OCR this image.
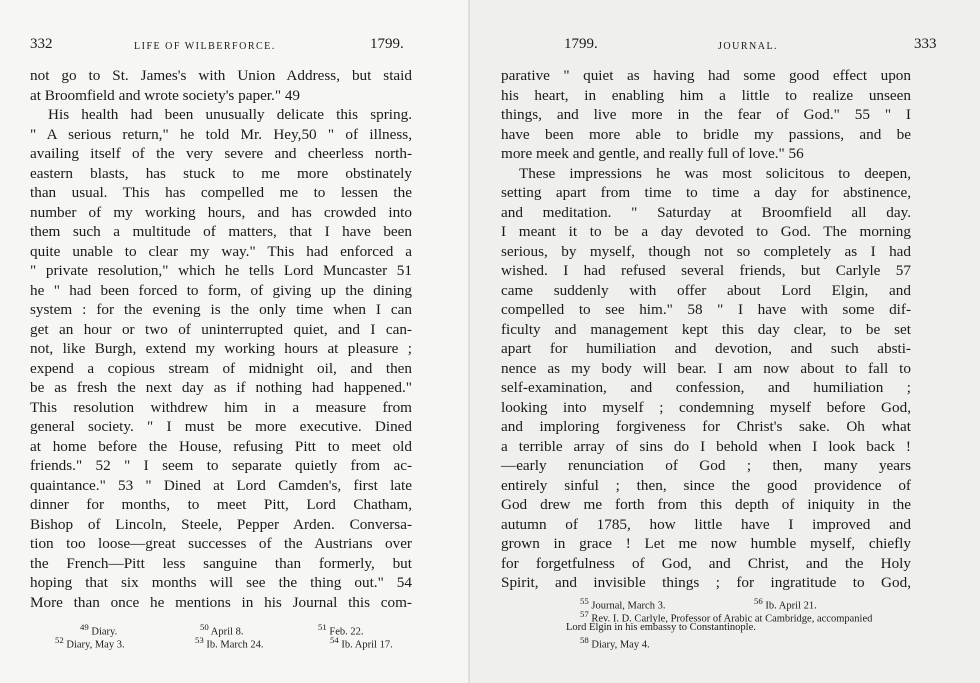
332	LIFE OF WILBERFORCE.	1799.
not go to St. James's with Union Address, but staid
at Broomfield and wrote society's paper." 49
His health had been unusually delicate this spring.
" A serious return," he told Mr. Hey,50 " of illness,
availing itself of the very severe and cheerless north-
eastern blasts, has stuck to me more obstinately
than usual. This has compelled me to lessen the
number of my working hours, and has crowded into
them such a multitude of matters, that I have been
quite unable to clear my way." This had enforced a
" private resolution," which he tells Lord Muncaster 51
he " had been forced to form, of giving up the dining
system : for the evening is the only time when I can
get an hour or two of uninterrupted quiet, and I can-
not, like Burgh, extend my working hours at pleasure ;
expend a copious stream of midnight oil, and then
be as fresh the next day as if nothing had happened."
This resolution withdrew him in a measure from
general society. " I must be more executive. Dined
at home before the House, refusing Pitt to meet old
friends." 52 " I seem to separate quietly from ac-
quaintance." 53 " Dined at Lord Camden's, first late
dinner for months, to meet Pitt, Lord Chatham,
Bishop of Lincoln, Steele, Pepper Arden. Conversa-
tion too loose—great successes of the Austrians over
the French—Pitt less sanguine than formerly, but
hoping that six months will see the thing out." 54
More than once he mentions in his Journal this com-
$^{49}$ Diary.	$^{50}$ April 8.	$^{51}$ Feb. 22.
$^{52}$ Diary, May 3.	$^{53}$ Ib. March 24.	$^{54}$ Ib. April 17.
1799.	JOURNAL.	333
parative " quiet as having had some good effect upon
his heart, in enabling him a little to realize unseen
things, and live more in the fear of God." 55 " I
have been more able to bridle my passions, and be
more meek and gentle, and really full of love." 56
These impressions he was most solicitous to deepen,
setting apart from time to time a day for abstinence,
and meditation. " Saturday at Broomfield all day.
I meant it to be a day devoted to God. The morning
serious, by myself, though not so completely as I had
wished. I had refused several friends, but Carlyle 57
came suddenly with offer about Lord Elgin, and
compelled to see him." 58 " I have with some dif-
ficulty and management kept this day clear, to be set
apart for humiliation and devotion, and such absti-
nence as my body will bear. I am now about to fall to
self-examination, and confession, and humiliation ;
looking into myself ; condemning myself before God,
and imploring forgiveness for Christ's sake. Oh what
a terrible array of sins do I behold when I look back !
—early renunciation of God ; then, many years
entirely sinful ; then, since the good providence of
God drew me forth from this depth of iniquity in the
autumn of 1785, how little have I improved and
grown in grace ! Let me now humble myself, chiefly
for forgetfulness of God, and Christ, and the Holy
Spirit, and invisible things ; for ingratitude to God,
$^{55}$ Journal, March 3.	$^{56}$ Ib. April 21.
$^{57}$ Rev. I. D. Carlyle, Professor of Arabic at Cambridge, accompanied
Lord Elgin in his embassy to Constantinople.
$^{58}$ Diary, May 4.
